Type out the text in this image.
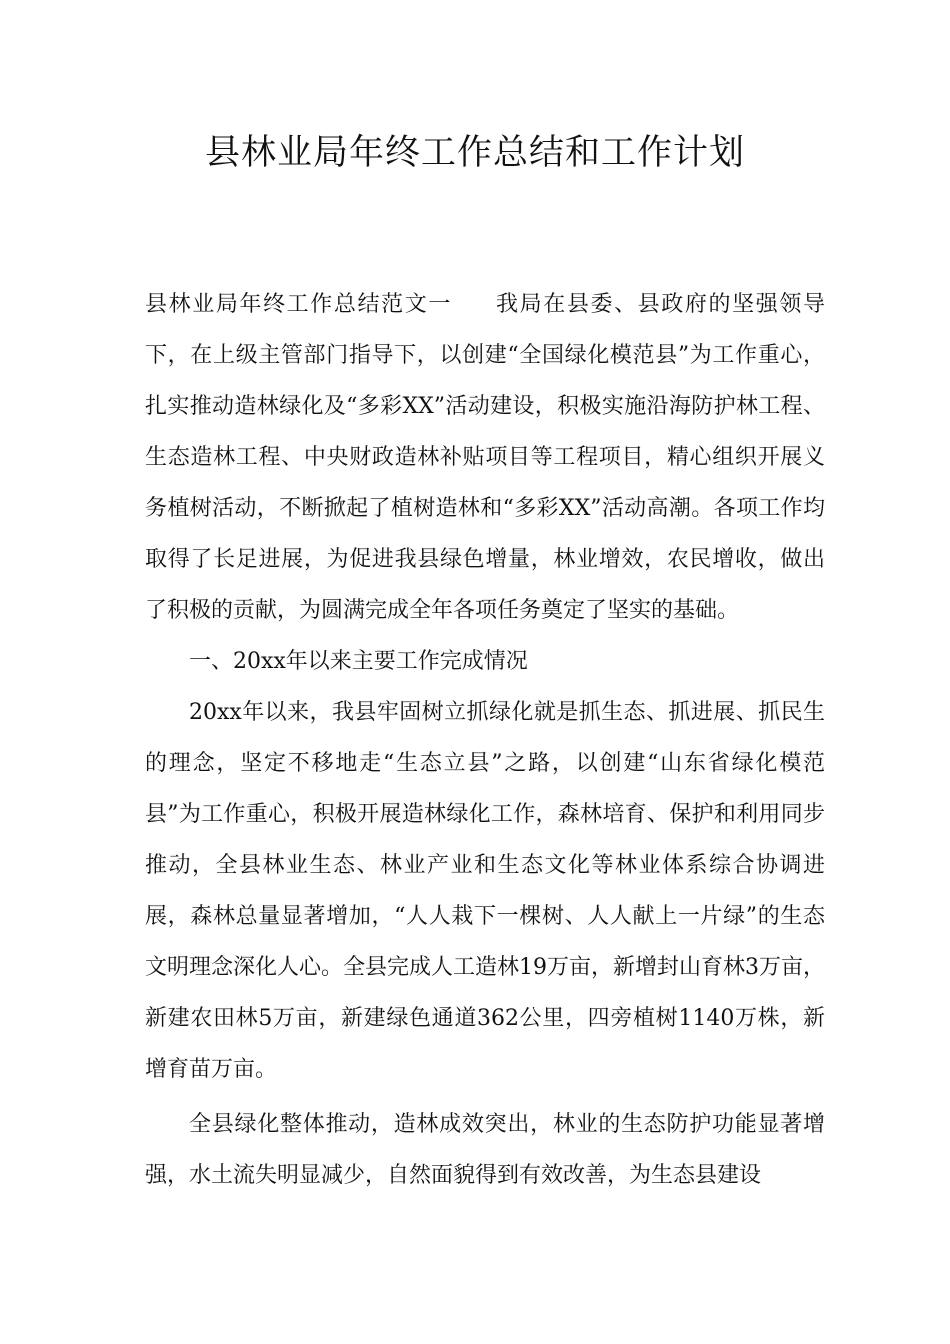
县林业局年终工作总结和工作计划

县林业局年终工作总结范文一 我局在县委、县政府的坚强领导下，在上级主管部门指导下，以创建“全国绿化模范县”为工作重心，扎实推动造林绿化及“多彩XX”活动建设，积极实施沿海防护林工程、生态造林工程、中央财政造林补贴项目等工程项目，精心组织开展义务植树活动，不断掀起了植树造林和“多彩XX”活动高潮。各项工作均取得了长足进展，为促进我县绿色增量，林业增效，农民增收，做出了积极的贡献，为圆满完成全年各项任务奠定了坚实的基础。

一、20xx年以来主要工作完成情况

20xx年以来，我县牢固树立抓绿化就是抓生态、抓进展、抓民生的理念，坚定不移地走“生态立县”之路，以创建“山东省绿化模范县”为工作重心，积极开展造林绿化工作，森林培育、保护和利用同步推动，全县林业生态、林业产业和生态文化等林业体系综合协调进展，森林总量显著增加，“人人栽下一棵树、人人献上一片绿”的生态文明理念深化人心。全县完成人工造林19万亩，新增封山育林3万亩，新建农田林5万亩，新建绿色通道362公里，四旁植树1140万株，新增育苗万亩。

全县绿化整体推动，造林成效突出，林业的生态防护功能显著增强，水土流失明显减少，自然面貌得到有效改善，为生态县建设
